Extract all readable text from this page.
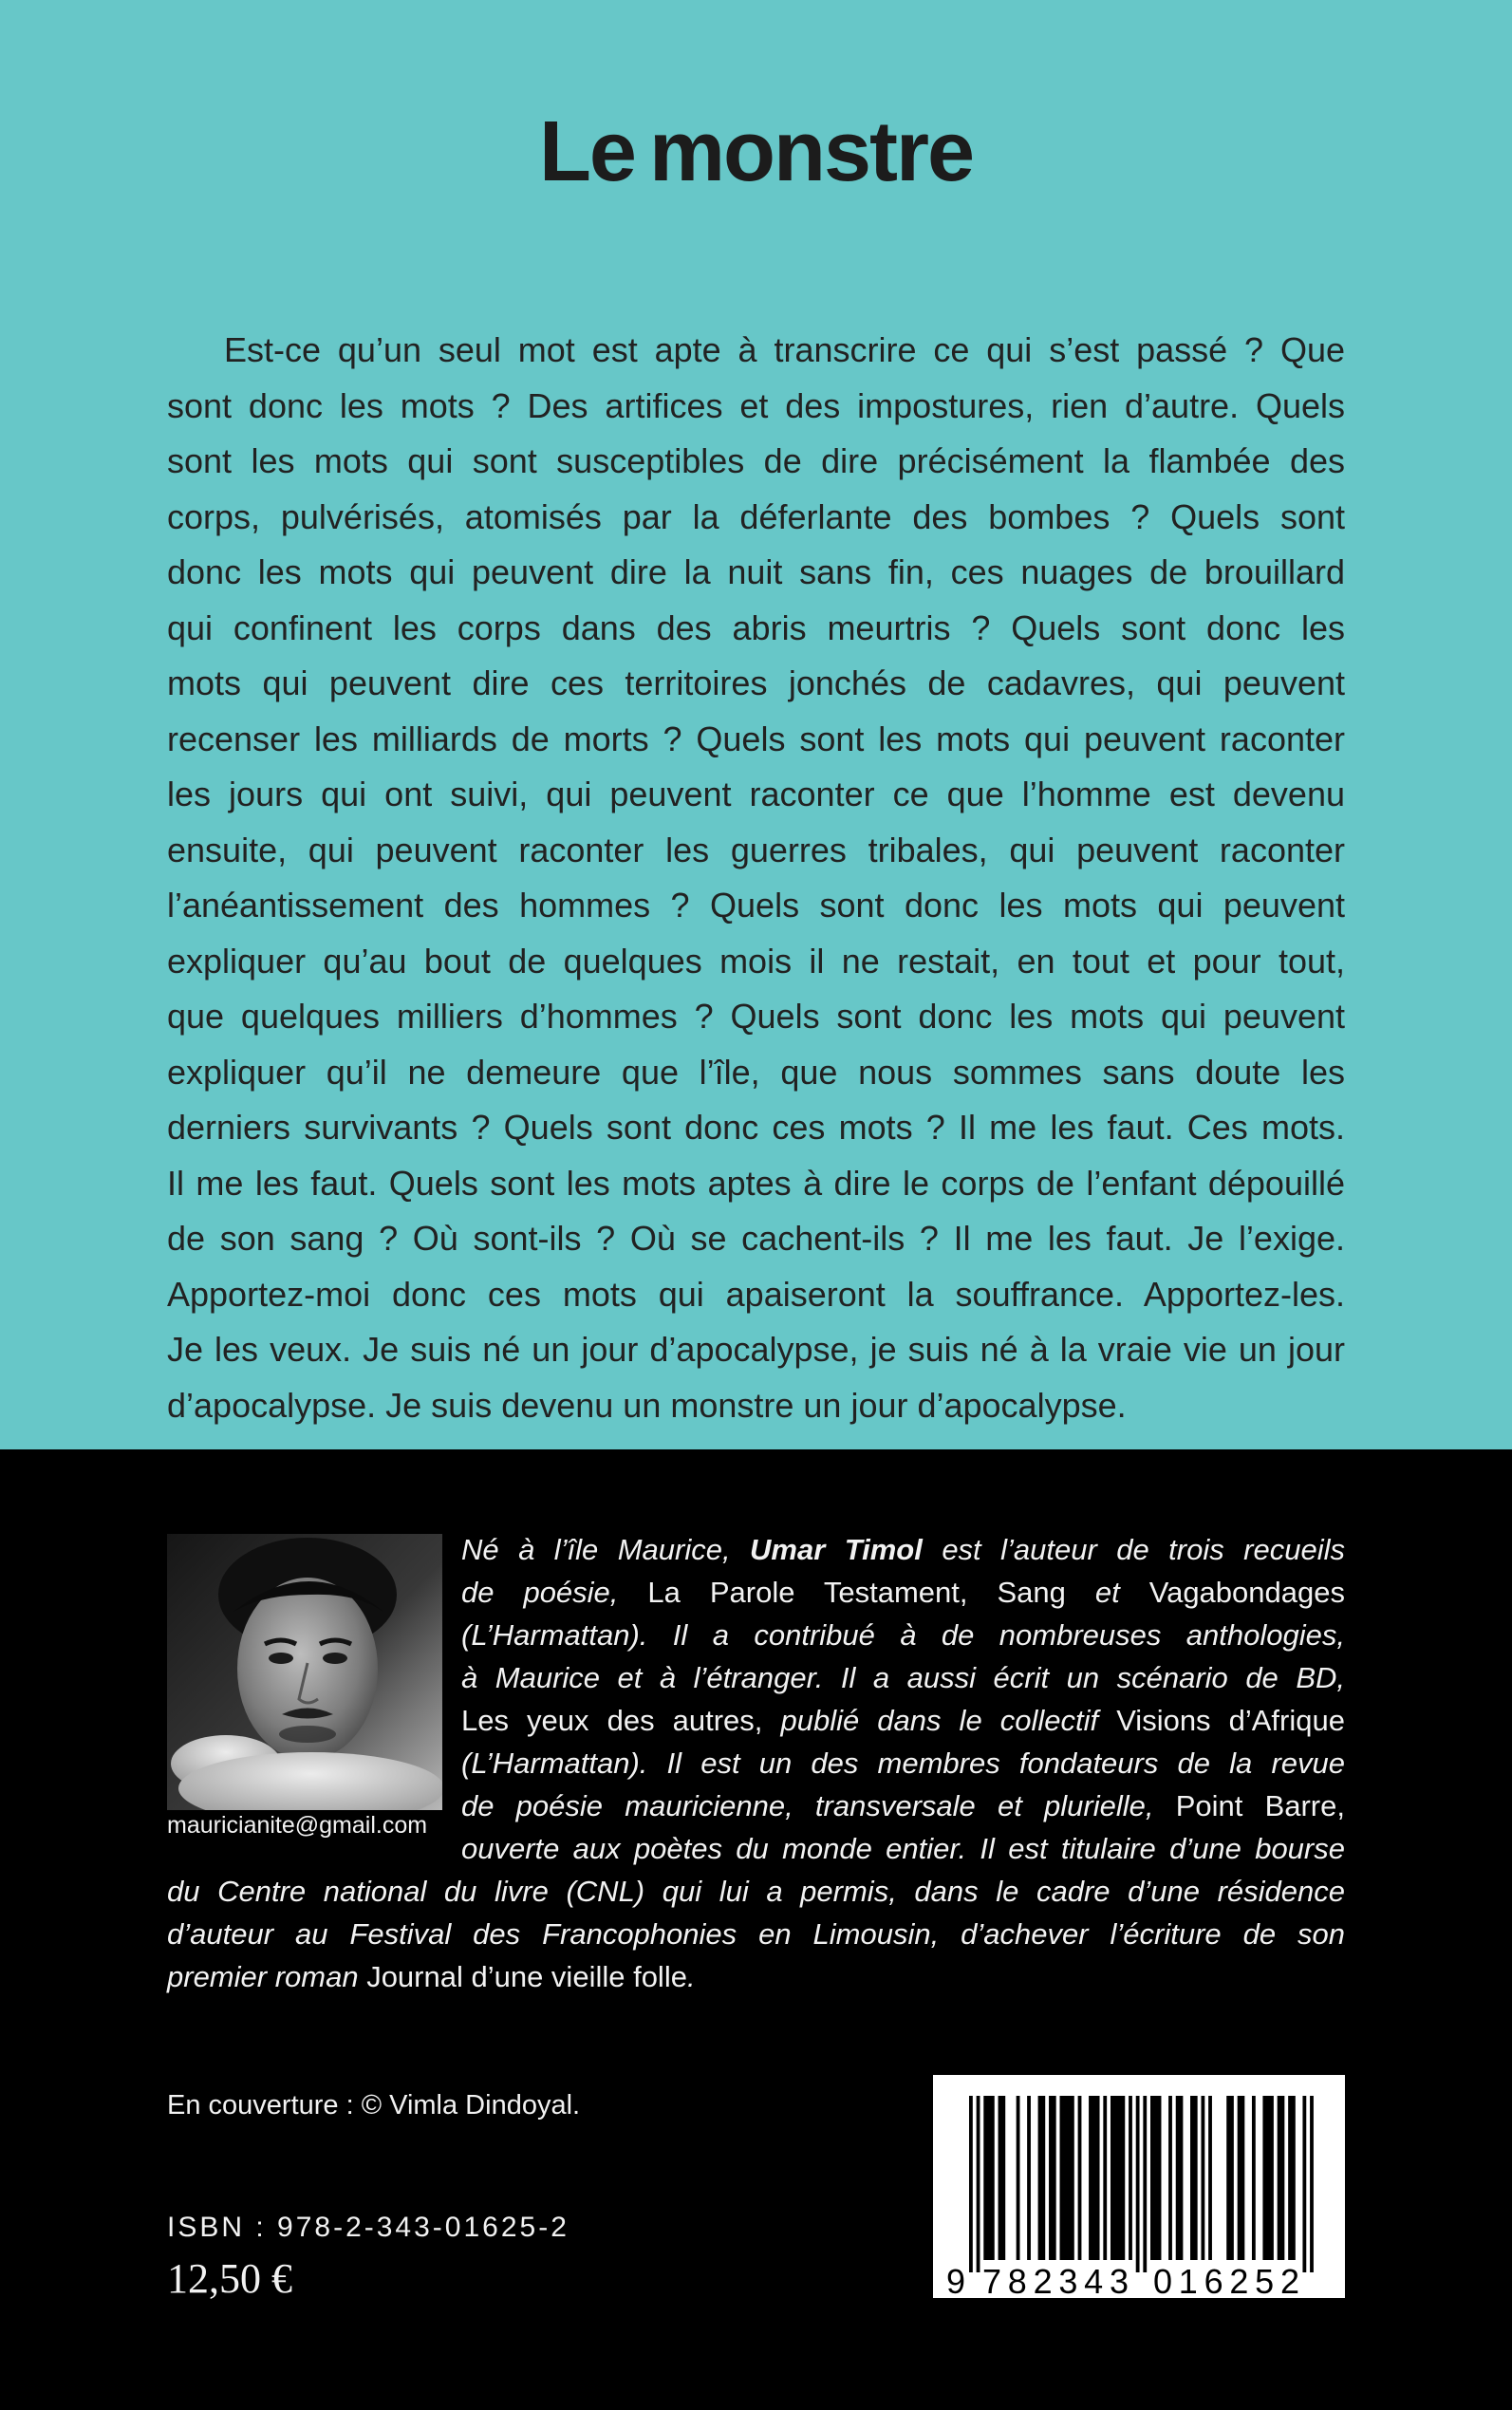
Le monstre
Est-ce qu’un seul mot est apte à transcrire ce qui s’est passé ? Que
sont donc les mots ? Des artifices et des impostures, rien d’autre. Quels
sont les mots qui sont susceptibles de dire précisément la flambée des
corps, pulvérisés, atomisés par la déferlante des bombes ? Quels sont
donc les mots qui peuvent dire la nuit sans fin, ces nuages de brouillard
qui confinent les corps dans des abris meurtris ? Quels sont donc les
mots qui peuvent dire ces territoires jonchés de cadavres, qui peuvent
recenser les milliards de morts ? Quels sont les mots qui peuvent raconter
les jours qui ont suivi, qui peuvent raconter ce que l’homme est devenu
ensuite, qui peuvent raconter les guerres tribales, qui peuvent raconter
l’anéantissement des hommes ? Quels sont donc les mots qui peuvent
expliquer qu’au bout de quelques mois il ne restait, en tout et pour tout,
que quelques milliers d’hommes ? Quels sont donc les mots qui peuvent
expliquer qu’il ne demeure que l’île, que nous sommes sans doute les
derniers survivants ? Quels sont donc ces mots ? Il me les faut. Ces mots.
Il me les faut. Quels sont les mots aptes à dire le corps de l’enfant dépouillé
de son sang ? Où sont-ils ? Où se cachent-ils ? Il me les faut. Je l’exige.
Apportez-moi donc ces mots qui apaiseront la souffrance. Apportez-les.
Je les veux. Je suis né un jour d’apocalypse, je suis né à la vraie vie un jour
d’apocalypse. Je suis devenu un monstre un jour d’apocalypse.
mauricianite@gmail.com
Né à l’île Maurice, Umar Timol est l’auteur de trois recueils
de poésie, La Parole Testament, Sang et Vagabondages
(L’Harmattan). Il a contribué à de nombreuses anthologies,
à Maurice et à l’étranger. Il a aussi écrit un scénario de BD,
Les yeux des autres, publié dans le collectif Visions d’Afrique
(L’Harmattan). Il est un des membres fondateurs de la revue
de poésie mauricienne, transversale et plurielle, Point Barre,
ouverte aux poètes du monde entier. Il est titulaire d’une bourse
du Centre national du livre (CNL) qui lui a permis, dans le cadre d’une résidence
d’auteur au Festival des Francophonies en Limousin, d’achever l’écriture de son
premier roman Journal d’une vieille folle.
En couverture : © Vimla Dindoyal.
ISBN : 978-2-343-01625-2
12,50 €	9 782343 016252
